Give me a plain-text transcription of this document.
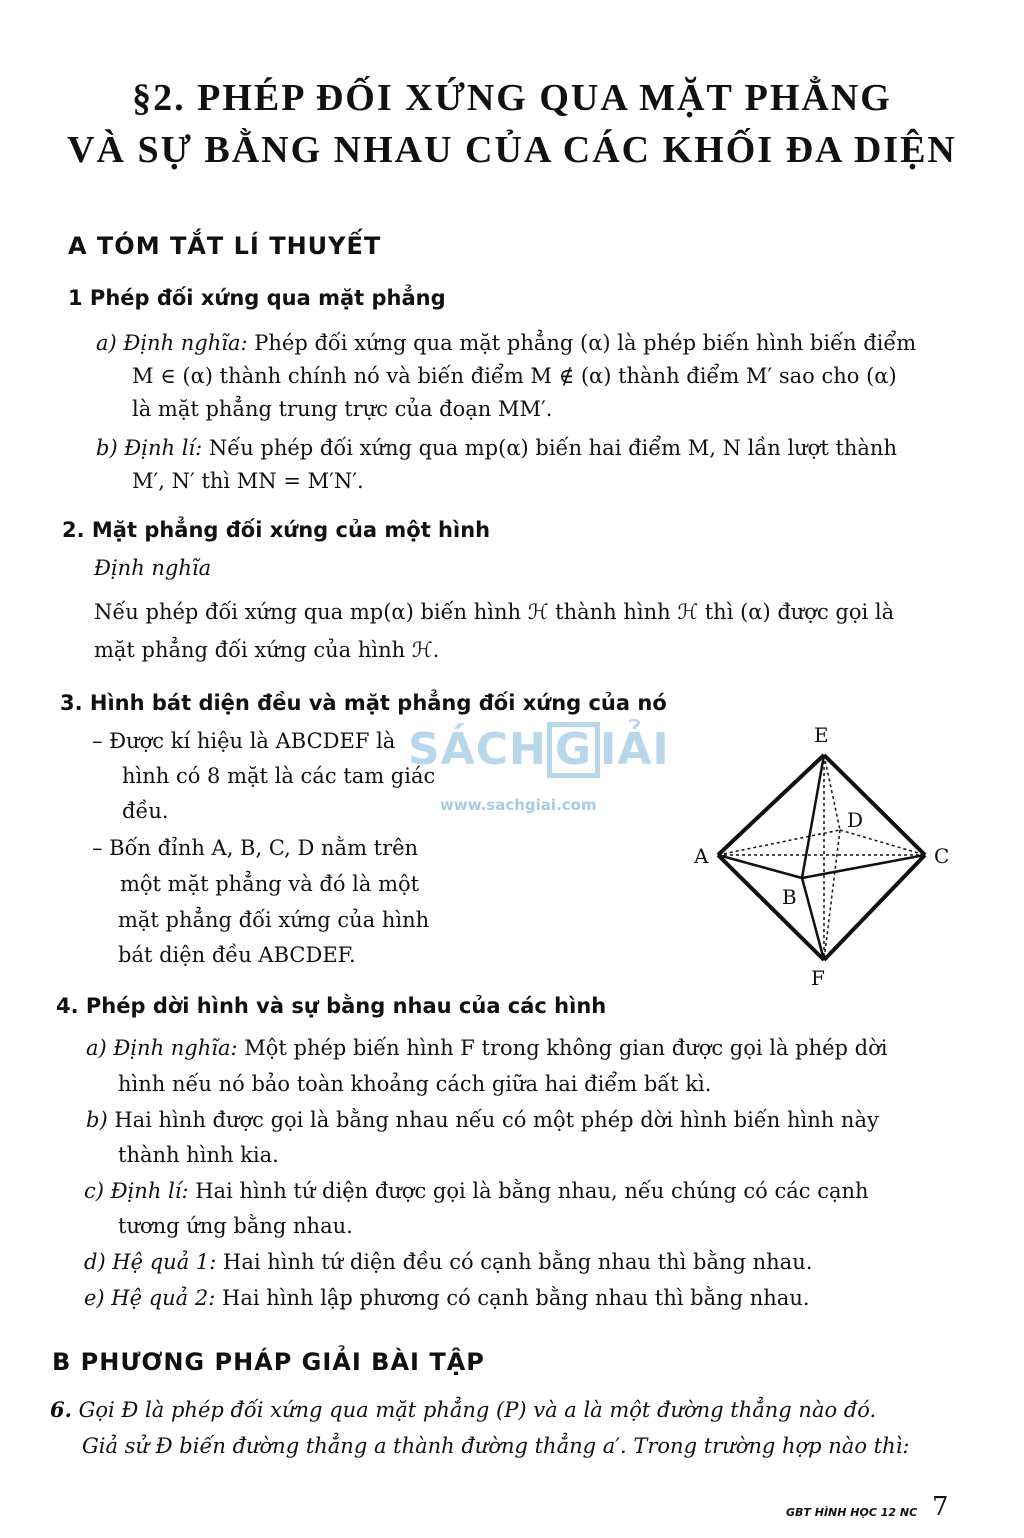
§2. PHÉP ĐỐI XỨNG QUA MẶT PHẲNG
VÀ SỰ BẰNG NHAU CỦA CÁC KHỐI ĐA DIỆN
A TÓM TẮT LÍ THUYẾT
1 Phép đối xứng qua mặt phẳng
a) Định nghĩa: Phép đối xứng qua mặt phẳng (α) là phép biến hình biến điểm
M ∈ (α) thành chính nó và biến điểm M ∉ (α) thành điểm M′ sao cho (α)
là mặt phẳng trung trực của đoạn MM′.
b) Định lí: Nếu phép đối xứng qua mp(α) biến hai điểm M, N lần lượt thành
M′, N′ thì MN = M′N′.
2. Mặt phẳng đối xứng của một hình
Định nghĩa
Nếu phép đối xứng qua mp(α) biến hình ℋ thành hình ℋ thì (α) được gọi là
mặt phẳng đối xứng của hình ℋ.
3. Hình bát diện đều và mặt phẳng đối xứng của nó
– Được kí hiệu là ABCDEF là
hình có 8 mặt là các tam giác
đều.
– Bốn đỉnh A, B, C, D nằm trên
một mặt phẳng và đó là một
mặt phẳng đối xứng của hình
bát diện đều ABCDEF.
SÁCH G IẢI
www.sachgiai.com
E
A	C
D
B
F
4. Phép dời hình và sự bằng nhau của các hình
a) Định nghĩa: Một phép biến hình F trong không gian được gọi là phép dời
hình nếu nó bảo toàn khoảng cách giữa hai điểm bất kì.
b) Hai hình được gọi là bằng nhau nếu có một phép dời hình biến hình này
thành hình kia.
c) Định lí: Hai hình tứ diện được gọi là bằng nhau, nếu chúng có các cạnh
tương ứng bằng nhau.
d) Hệ quả 1: Hai hình tứ diện đều có cạnh bằng nhau thì bằng nhau.
e) Hệ quả 2: Hai hình lập phương có cạnh bằng nhau thì bằng nhau.
B PHƯƠNG PHÁP GIẢI BÀI TẬP
6. Gọi Đ là phép đối xứng qua mặt phẳng (P) và a là một đường thẳng nào đó.
Giả sử Đ biến đường thẳng a thành đường thẳng a′. Trong trường hợp nào thì:
GBT HÌNH HỌC 12 NC 7
